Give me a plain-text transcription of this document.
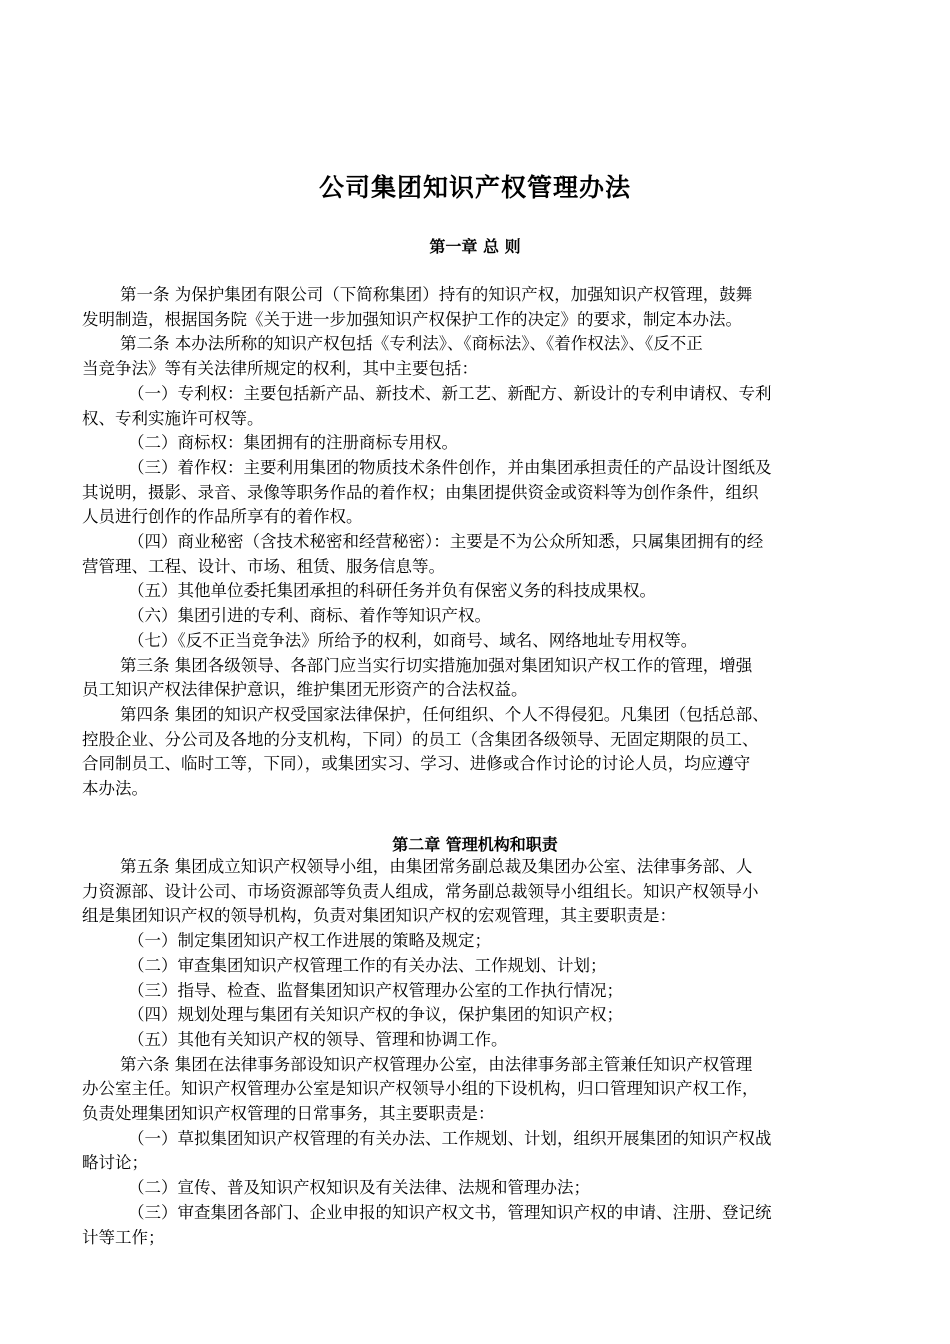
公司集团知识产权管理办法
第一章 总 则

第一条 为保护集团有限公司（下简称集团）持有的知识产权，加强知识产权管理，鼓舞

发明制造，根据国务院《关于进一步加强知识产权保护工作的决定》的要求，制定本办法。

第二条 本办法所称的知识产权包括《专利法》、《商标法》、《着作权法》、《反不正

当竞争法》等有关法律所规定的权利，其中主要包括：

（一）专利权：主要包括新产品、新技术、新工艺、新配方、新设计的专利申请权、专利

权、专利实施许可权等。

（二）商标权：集团拥有的注册商标专用权。

（三）着作权：主要利用集团的物质技术条件创作，并由集团承担责任的产品设计图纸及

其说明，摄影、录音、录像等职务作品的着作权；由集团提供资金或资料等为创作条件，组织

人员进行创作的作品所享有的着作权。

（四）商业秘密（含技术秘密和经营秘密）：主要是不为公众所知悉，只属集团拥有的经

营管理、工程、设计、市场、租赁、服务信息等。

（五）其他单位委托集团承担的科研任务并负有保密义务的科技成果权。

（六）集团引进的专利、商标、着作等知识产权。

（七）《反不正当竞争法》所给予的权利，如商号、域名、网络地址专用权等。

第三条 集团各级领导、各部门应当实行切实措施加强对集团知识产权工作的管理，增强

员工知识产权法律保护意识，维护集团无形资产的合法权益。

第四条 集团的知识产权受国家法律保护，任何组织、个人不得侵犯。凡集团（包括总部、

控股企业、分公司及各地的分支机构，下同）的员工（含集团各级领导、无固定期限的员工、

合同制员工、临时工等，下同），或集团实习、学习、进修或合作讨论的讨论人员，均应遵守

本办法。

第二章 管理机构和职责

第五条 集团成立知识产权领导小组，由集团常务副总裁及集团办公室、法律事务部、人

力资源部、设计公司、市场资源部等负责人组成，常务副总裁领导小组组长。知识产权领导小

组是集团知识产权的领导机构，负责对集团知识产权的宏观管理，其主要职责是：

（一）制定集团知识产权工作进展的策略及规定；

（二）审查集团知识产权管理工作的有关办法、工作规划、计划；

（三）指导、检查、监督集团知识产权管理办公室的工作执行情况；

（四）规划处理与集团有关知识产权的争议，保护集团的知识产权；

（五）其他有关知识产权的领导、管理和协调工作。

第六条 集团在法律事务部设知识产权管理办公室，由法律事务部主管兼任知识产权管理

办公室主任。知识产权管理办公室是知识产权领导小组的下设机构，归口管理知识产权工作，

负责处理集团知识产权管理的日常事务，其主要职责是：

（一）草拟集团知识产权管理的有关办法、工作规划、计划，组织开展集团的知识产权战

略讨论；

（二）宣传、普及知识产权知识及有关法律、法规和管理办法；

（三）审查集团各部门、企业申报的知识产权文书，管理知识产权的申请、注册、登记统

计等工作；
